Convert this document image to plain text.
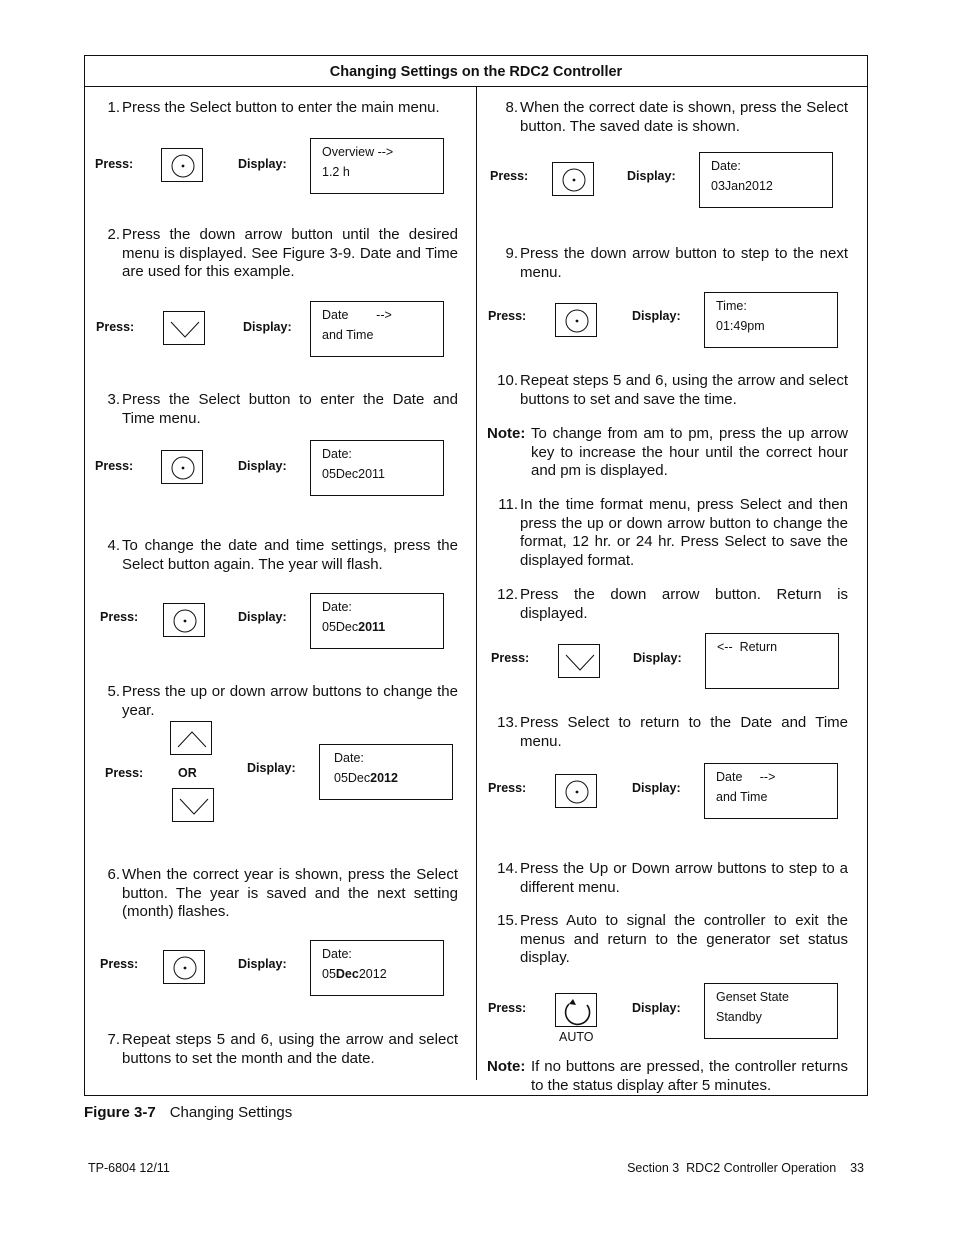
Changing Settings on the RDC2 Controller
1. Press the Select button to enter the main menu.
Press:	Display:
Overview -->
1.2 h
2. Press the down arrow button until the desired menu is displayed. See Figure 3-9. Date and Time are used for this example.
Press:	Display:
Date        -->
and Time
3. Press the Select button to enter the Date and Time menu.
Press:	Display:
Date:
05Dec2011
4. To change the date and time settings, press the Select button again. The year will flash.
Press:	Display:
Date:
05Dec2011
5. Press the up or down arrow buttons to change the year.
Press:	OR	Display:
Date:
05Dec2012
6. When the correct year is shown, press the Select button. The year is saved and the next setting (month) flashes.
Press:	Display:
Date:
05Dec2012
7. Repeat steps 5 and 6, using the arrow and select buttons to set the month and the date.
8. When the correct date is shown, press the Select button. The saved date is shown.
Press:	Display:
Date:
03Jan2012
9. Press the down arrow button to step to the next menu.
Press:	Display:
Time:
01:49pm
10. Repeat steps 5 and 6, using the arrow and select buttons to set and save the time.
Note: To change from am to pm, press the up arrow key to increase the hour until the correct hour and pm is displayed.
11. In the time format menu, press Select and then press the up or down arrow button to change the format, 12 hr. or 24 hr. Press Select to save the displayed format.
12. Press the down arrow button. Return is displayed.
Press:	Display:
<--  Return
13. Press Select to return to the Date and Time menu.
Press:	Display:
Date     -->
and Time
14. Press the Up or Down arrow buttons to step to a different menu.
15. Press Auto to signal the controller to exit the menus and return to the generator set status display.
Press:
AUTO
Display:
Genset State
Standby
Note: If no buttons are pressed, the controller returns to the status display after 5 minutes.
Figure 3-7 Changing Settings
TP-6804 12/11	Section 3  RDC2 Controller Operation    33
